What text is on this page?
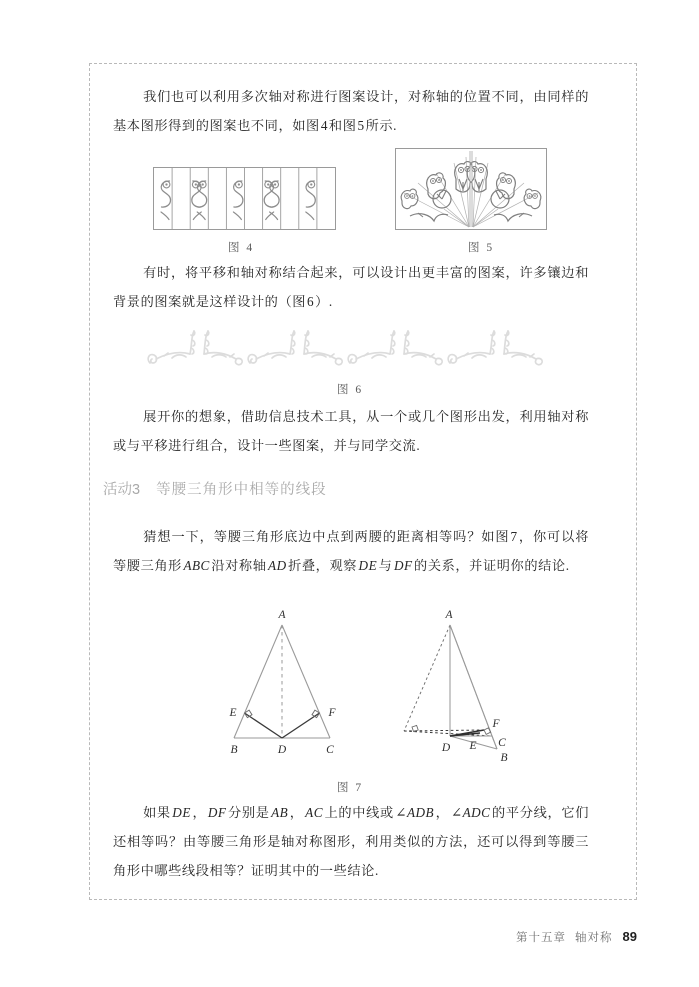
我们也可以利用多次轴对称进行图案设计，对称轴的位置不同，由同样的基本图形得到的图案也不同，如图4和图5所示.
图 4	图 5
有时，将平移和轴对称结合起来，可以设计出更丰富的图案，许多镶边和背景的图案就是这样设计的（图6）.
图 6
展开你的想象，借助信息技术工具，从一个或几个图形出发，利用轴对称或与平移进行组合，设计一些图案，并与同学交流.
活动3 等腰三角形中相等的线段
猜想一下，等腰三角形底边中点到两腰的距离相等吗？如图7，你可以将等腰三角形 ABC 沿对称轴 AD 折叠，观察 DE 与 DF 的关系，并证明你的结论.
A
B	C
D
E	F
A
B
C
D E
F
图 7
如果 DE ， DF 分别是 AB ， AC 上的中线或 ∠ADB ， ∠ADC 的平分线，它们还相等吗？由等腰三角形是轴对称图形，利用类似的方法，还可以得到等腰三角形中哪些线段相等？证明其中的一些结论.
第十五章 轴对称 89
